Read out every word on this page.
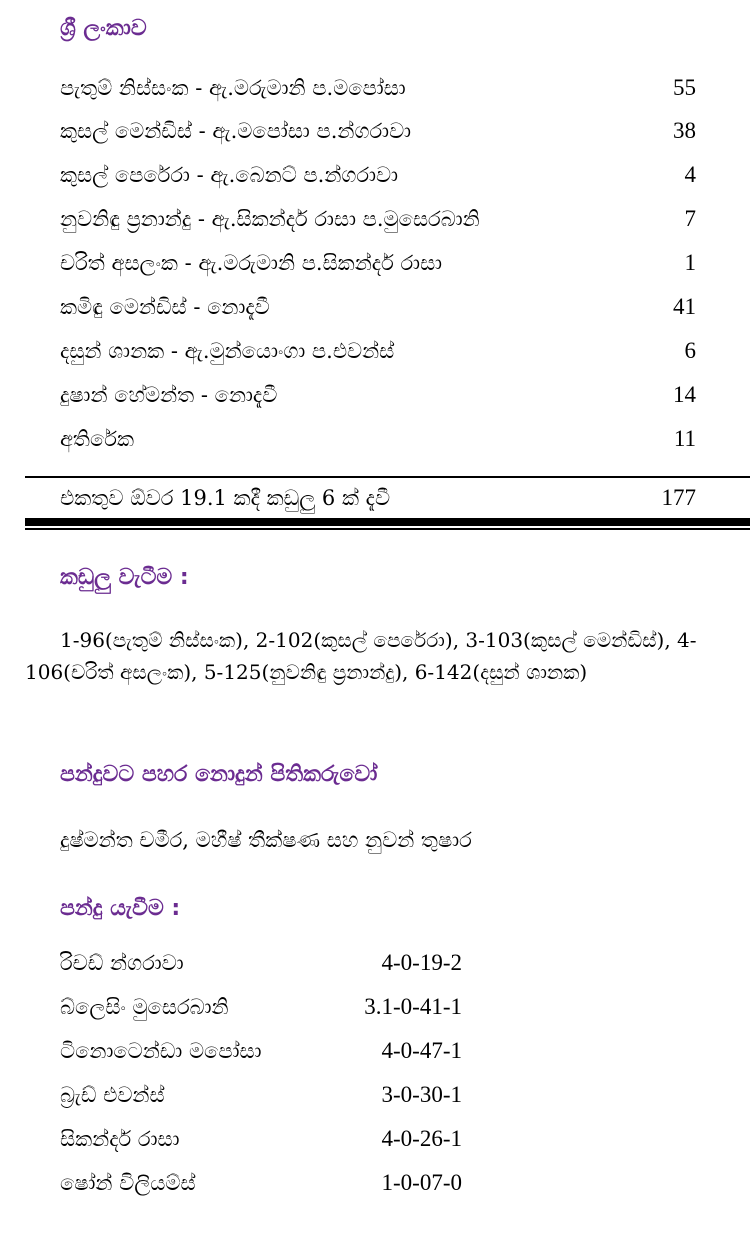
ශ්‍රී ලංකාව
පැතුම් නිස්සංක - ඇ.මරුමානි ප.මපෝසා	55
කුසල් මෙන්ඩිස් - ඇ.මපෝසා ප.න්ගරාවා	38
කුසල් පෙරේරා - ඇ.බෙනට් ප.න්ගරාවා	4
නුවනිඳු ප්‍රනාන්දු - ඇ.සිකන්දර් රාසා ප.මුසෙරබානි	7
චරිත් අසලංක - ඇ.මරුමානි ප.සිකන්දර් රාසා	1
කමිඳු මෙන්ඩිස් - නොදැවී	41
දසුන් ශානක - ඇ.මුන්යොංගා ප.එවන්ස්	6
දුෂාන් හේමන්ත - නොදැවී	14
අතිරේක	11
එකතුව ඕවර 19.1 කදී කඩුලු 6 ක් දැවී	177
කඩුලු වැටීම :
1-96(පැතුම් නිස්සංක), 2-102(කුසල් පෙරේරා), 3-103(කුසල් මෙන්ඩිස්), 4-106(චරිත් අසලංක), 5-125(නුවනිඳු ප්‍රනාන්දු), 6-142(දසුන් ශානක)
පන්දුවට පහර නොදුන් පිතිකරුවෝ
දුෂ්මන්ත චමීර, මහීෂ් තීක්ෂණ සහ නුවන් තුෂාර
පන්දු යැවීම :
රිචඩ් න්ගරාවා	4-0-19-2
බ්ලෙසිං මුසෙරබානි	3.1-0-41-1
ටිනොටෙන්ඩා මපෝසා	4-0-47-1
බ්‍රැඩ් එවන්ස්	3-0-30-1
සිකන්දර් රාසා	4-0-26-1
ෂෝන් විලියම්ස්	1-0-07-0
